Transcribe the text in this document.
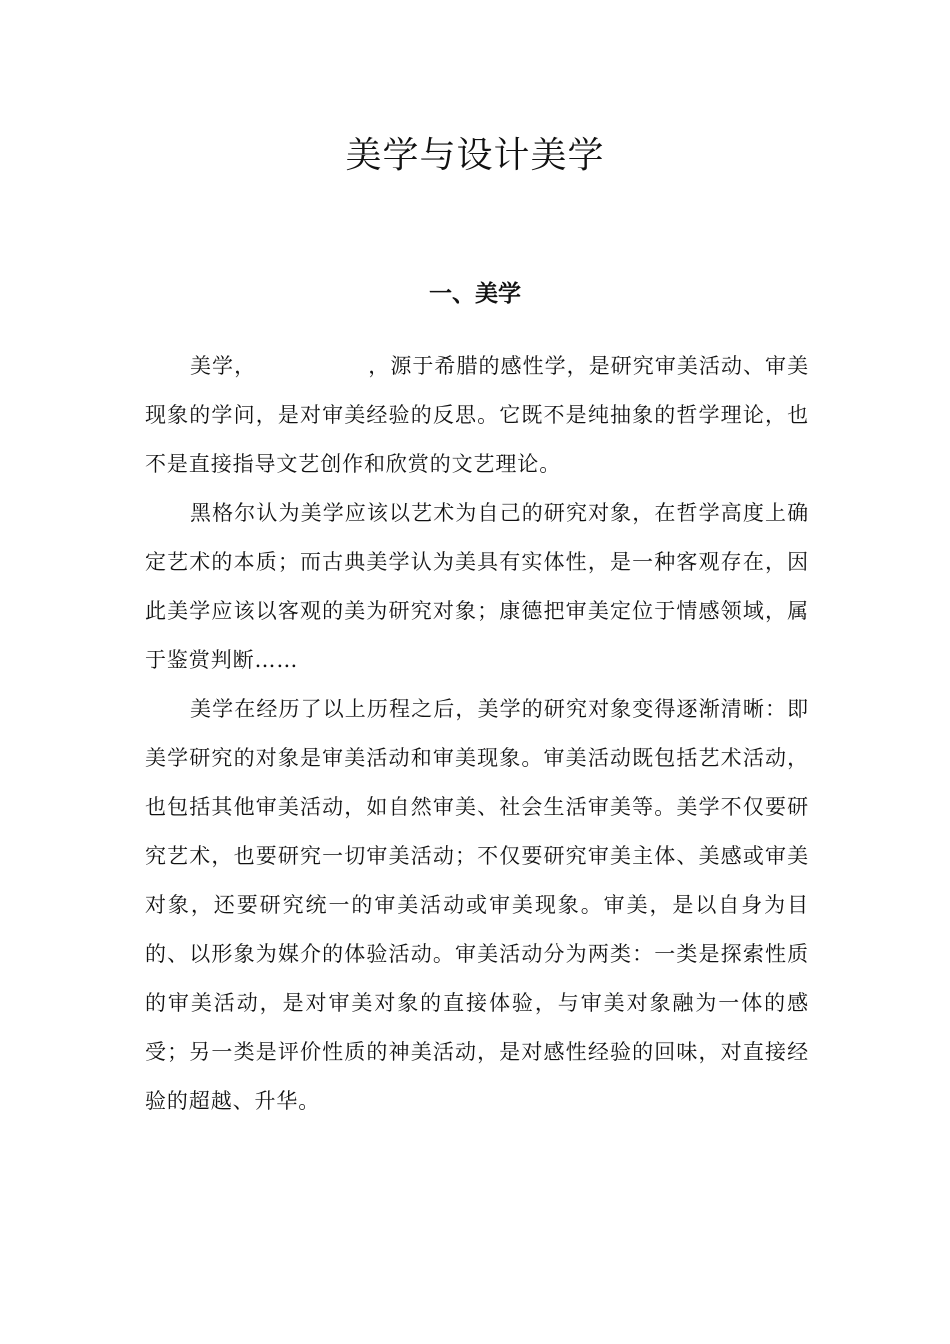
美学与设计美学
一、美学

美学，	，源于希腊的感性学，是研究审美活动、审美现象的学问，是对审美经验的反思。它既不是纯抽象的哲学理论，也不是直接指导文艺创作和欣赏的文艺理论。

黑格尔认为美学应该以艺术为自己的研究对象，在哲学高度上确定艺术的本质；而古典美学认为美具有实体性，是一种客观存在，因此美学应该以客观的美为研究对象；康德把审美定位于情感领域，属于鉴赏判断……

美学在经历了以上历程之后，美学的研究对象变得逐渐清晰：即美学研究的对象是审美活动和审美现象。审美活动既包括艺术活动，也包括其他审美活动，如自然审美、社会生活审美等。美学不仅要研究艺术，也要研究一切审美活动；不仅要研究审美主体、美感或审美对象，还要研究统一的审美活动或审美现象。审美，是以自身为目的、以形象为媒介的体验活动。审美活动分为两类：一类是探索性质的审美活动，是对审美对象的直接体验，与审美对象融为一体的感受；另一类是评价性质的神美活动，是对感性经验的回味，对直接经验的超越、升华。
